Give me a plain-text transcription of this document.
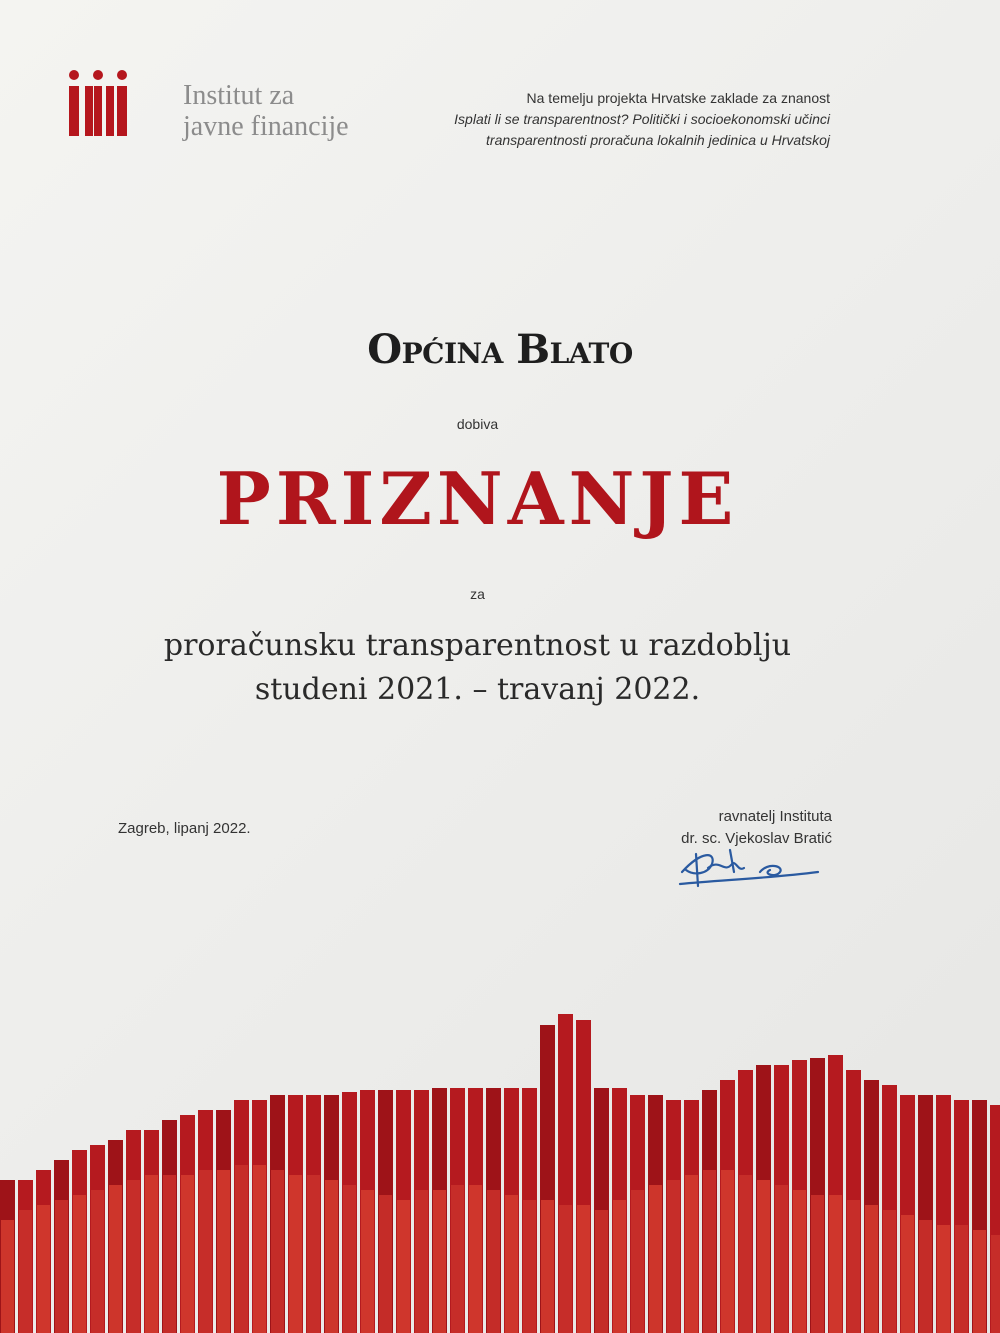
Institut za
javne financije
Na temelju projekta Hrvatske zaklade za znanost
Isplati li se transparentnost? Politički i socioekonomski učinci
transparentnosti proračuna lokalnih jedinica u Hrvatskoj
Općina Blato
dobiva
PRIZNANJE
za
proračunsku transparentnost u razdoblju
studeni 2021. – travanj 2022.
Zagreb, lipanj 2022.
ravnatelj Instituta
dr. sc. Vjekoslav Bratić
